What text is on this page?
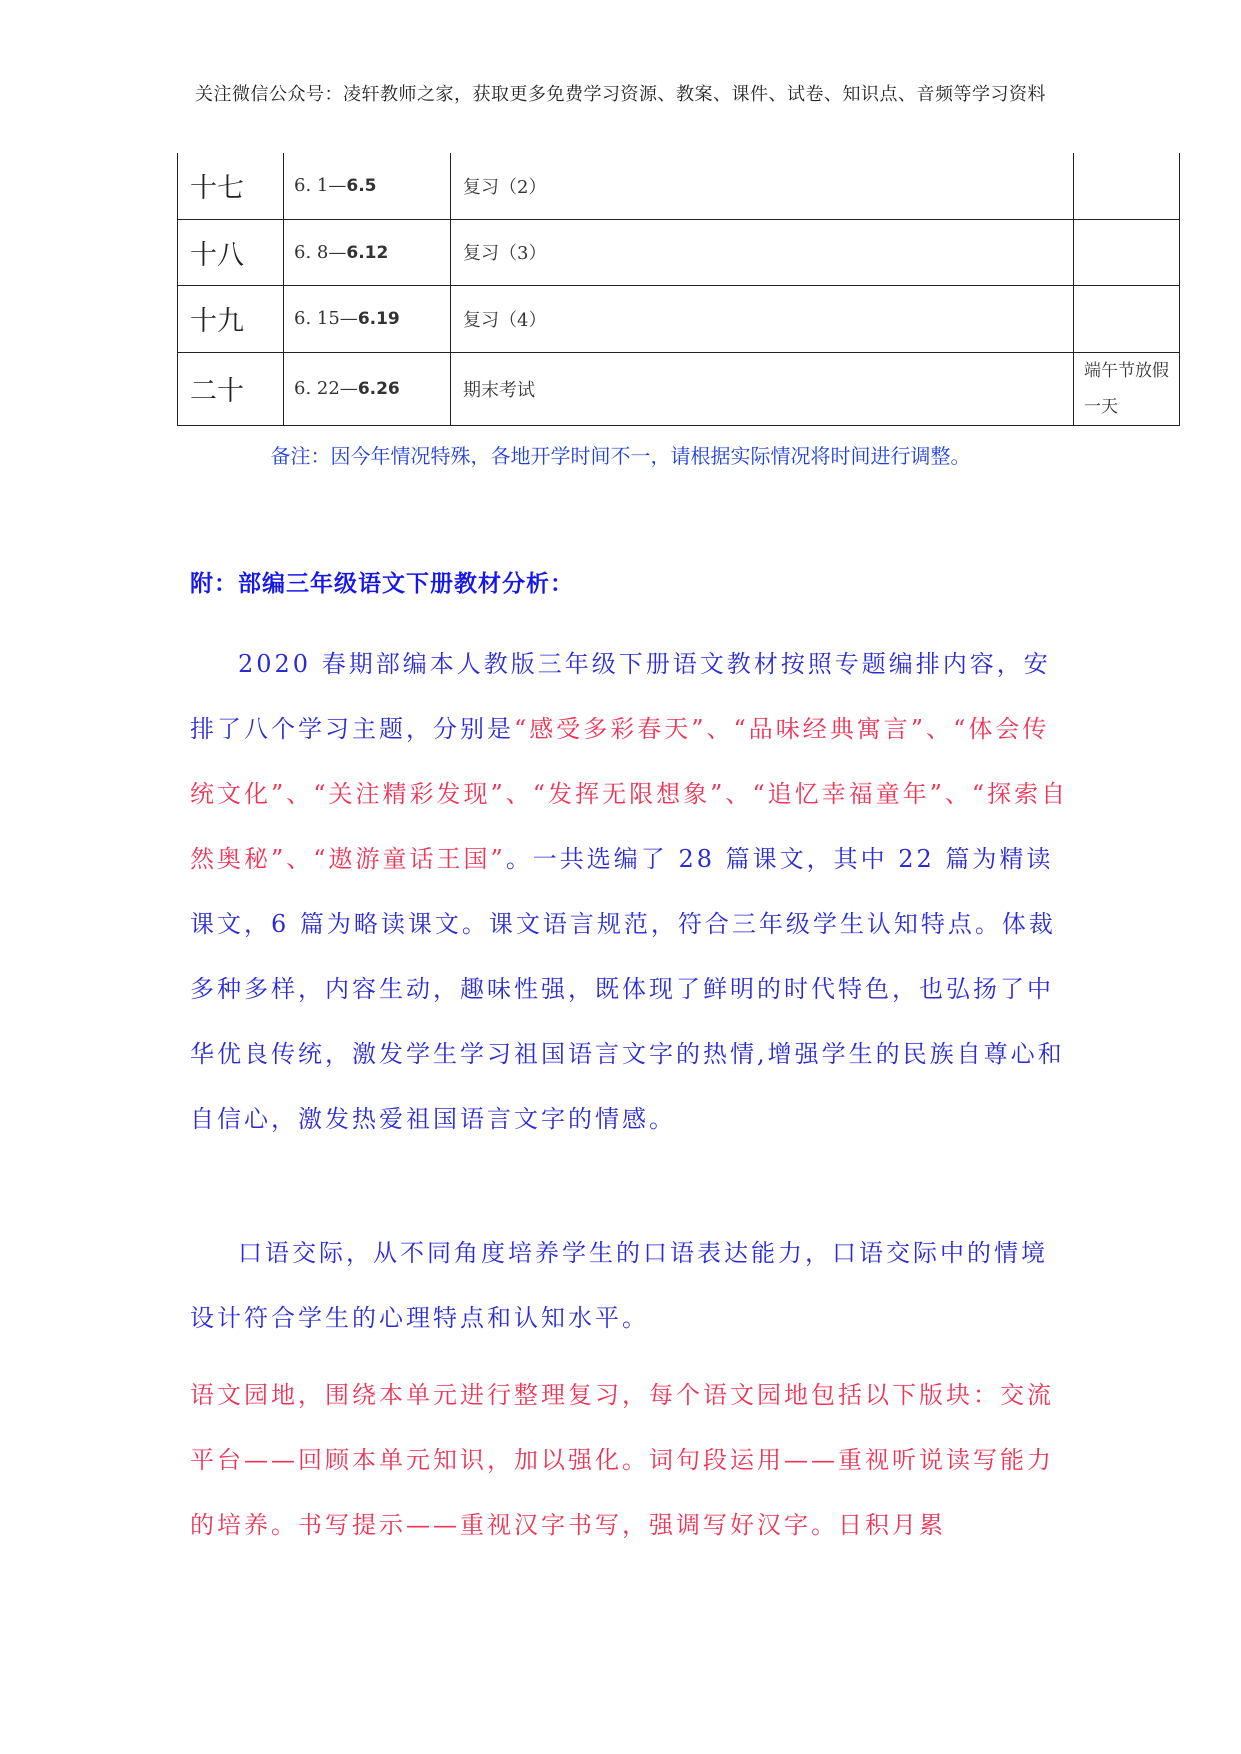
关注微信公众号：凌轩教师之家，获取更多免费学习资源、教案、课件、试卷、知识点、音频等学习资料
十七	6. 1—6.5	复习（2）	
十八	6. 8—6.12	复习（3）	
十九	6. 15—6.19	复习（4）	
二十	6. 22—6.26	期末考试	端午节放假一天
备注：因今年情况特殊，各地开学时间不一，请根据实际情况将时间进行调整。
附：部编三年级语文下册教材分析：

2020 春期部编本人教版三年级下册语文教材按照专题编排内容，安排了八个学习主题，分别是“感受多彩春天”、“品味经典寓言”、“体会传统文化”、“关注精彩发现”、“发挥无限想象”、“追忆幸福童年”、“探索自然奥秘”、“遨游童话王国”。一共选编了 28 篇课文，其中 22 篇为精读课文，6 篇为略读课文。课文语言规范，符合三年级学生认知特点。体裁多种多样，内容生动，趣味性强，既体现了鲜明的时代特色，也弘扬了中华优良传统，激发学生学习祖国语言文字的热情,增强学生的民族自尊心和自信心，激发热爱祖国语言文字的情感。

口语交际，从不同角度培养学生的口语表达能力，口语交际中的情境设计符合学生的心理特点和认知水平。

语文园地，围绕本单元进行整理复习，每个语文园地包括以下版块：交流平台——回顾本单元知识，加以强化。词句段运用——重视听说读写能力的培养。书写提示——重视汉字书写，强调写好汉字。日积月累
